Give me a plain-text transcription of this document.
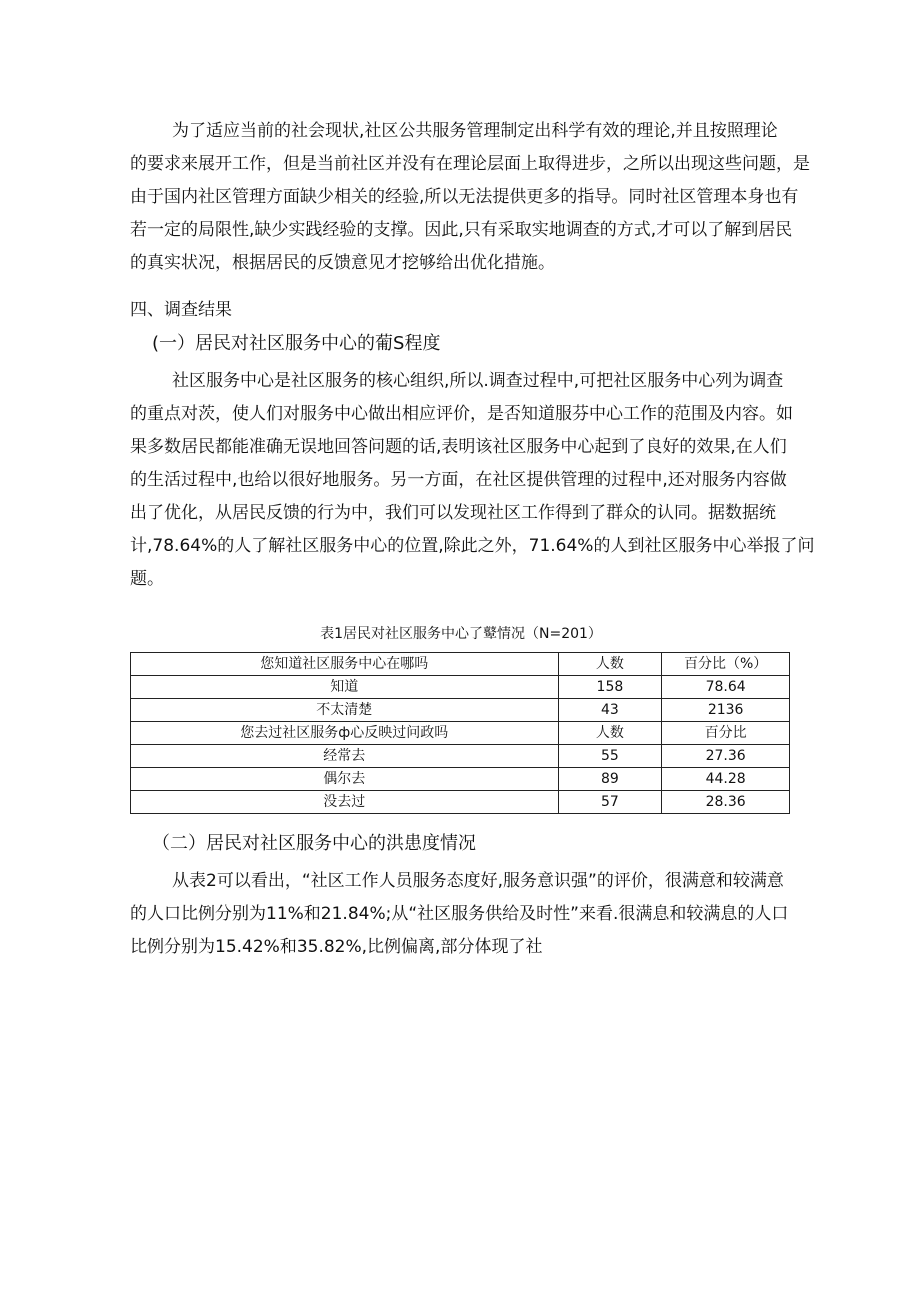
为了适应当前的社会现状,社区公共服务管理制定出科学有效的理论,并且按照理论
的要求来展开工作，但是当前社区并没有在理论层面上取得进步，之所以出现这些问题，是
由于国内社区管理方面缺少相关的经验,所以无法提供更多的指导。同时社区管理本身也有
若一定的局限性,缺少实践经验的支撑。因此,只有采取实地调查的方式,才可以了解到居民
的真实状况，根据居民的反馈意见才挖够给出优化措施。
四、调查结果
(一）居民对社区服务中心的葡S程度
社区服务中心是社区服务的核心组织,所以.调查过程中,可把社区服务中心列为调查
的重点对茨，使人们对服务中心做出相应评价，是否知道服芬中心工作的范围及内容。如
果多数居民都能准确无误地回答问题的话,表明该社区服务中心起到了良好的效果,在人们
的生活过程中,也给以很好地服务。另一方面，在社区提供管理的过程中,还对服务内容做
出了优化，从居民反馈的行为中，我们可以发现社区工作得到了群众的认同。据数据统
计,78.64%的人了解社区服务中心的位置,除此之外，71.64%的人到社区服务中心举报了问
题。
表1居民对社区服务中心了鼙情况（N=201）
您知道社区服务中心在哪吗	人数	百分比（%）
知道	158	78.64
不太清楚	43	2136
您去过社区服务ф心反映过问政吗	人数	百分比
经常去	55	27.36
偶尔去	89	44.28
没去过	57	28.36
（二）居民对社区服务中心的洪患度情况
从表2可以看出，“社区工作人员服务态度好,服务意识强”的评价，很满意和较满意
的人口比例分别为11%和21.84%;从“社区服务供给及时性”来看.很满息和较满息的人口
比例分别为15.42%和35.82%,比例偏离,部分体现了社
